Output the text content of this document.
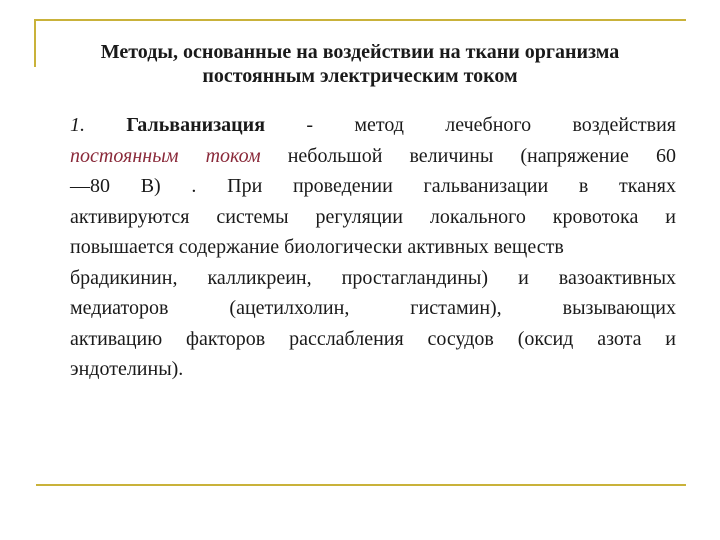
Методы, основанные на воздействии на ткани организма
постоянным электрическим током
1. Гальванизация - метод лечебного воздействия
постоянным током небольшой величины (напряжение 60
—80 В) . При проведении гальванизации в тканях
активируются системы регуляции локального кровотока и
повышается содержание биологически активных веществ
брадикинин, калликреин, простагландины) и вазоактивных
медиаторов (ацетилхолин, гистамин), вызывающих
активацию факторов расслабления сосудов (оксид азота и
эндотелины).
